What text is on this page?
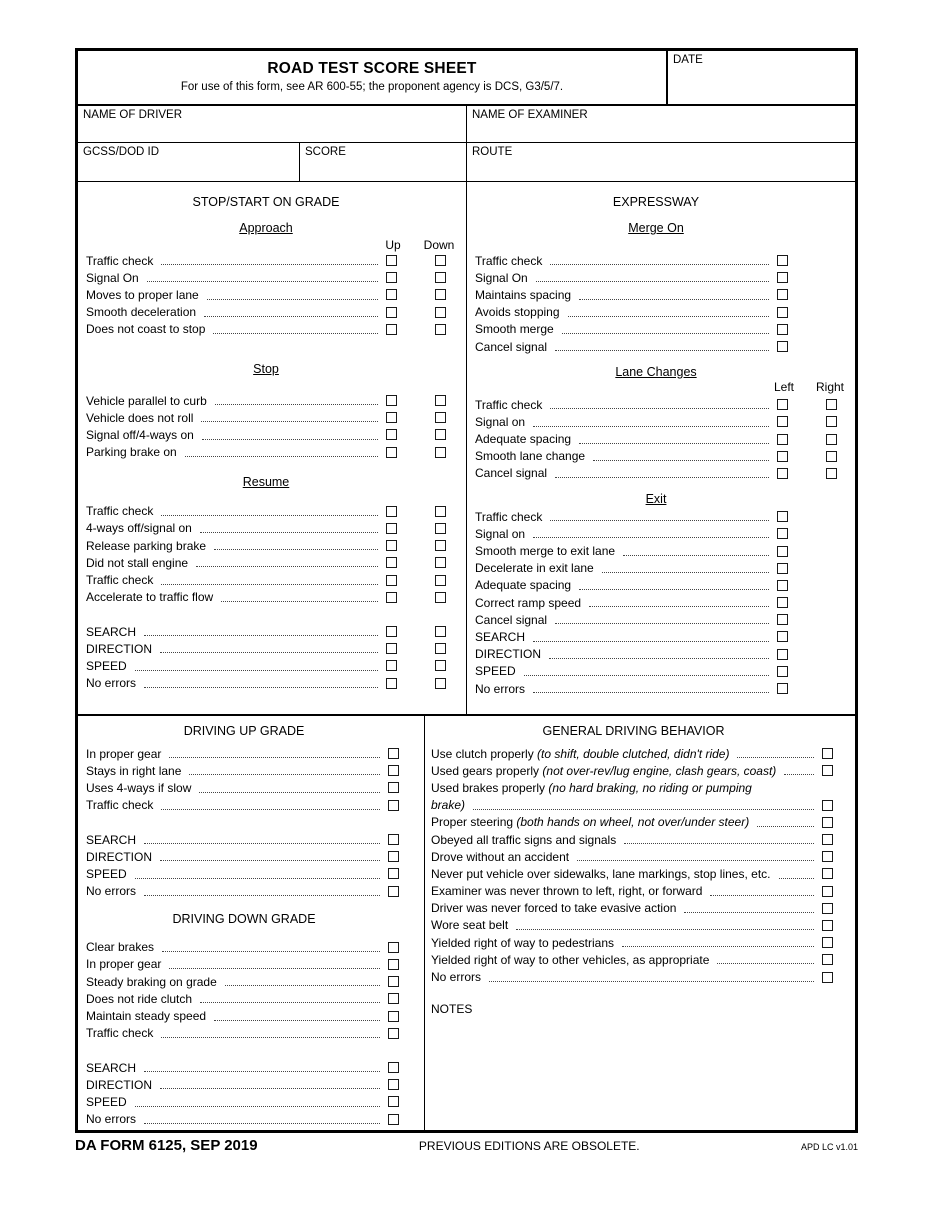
ROAD TEST SCORE SHEET
For use of this form, see AR 600-55; the proponent agency is DCS, G3/5/7.
DATE
NAME OF DRIVER	NAME OF EXAMINER
GCSS/DOD ID	SCORE	ROUTE
STOP/START ON GRADE
Approach
Up Down
Traffic check
Signal On
Moves to proper lane
Smooth deceleration
Does not coast to stop
Stop
Vehicle parallel to curb
Vehicle does not roll
Signal off/4-ways on
Parking brake on
Resume
Traffic check
4-ways off/signal on
Release parking brake
Did not stall engine
Traffic check
Accelerate to traffic flow
SEARCH
DIRECTION
SPEED
No errors
EXPRESSWAY
Merge On
Traffic check
Signal On
Maintains spacing
Avoids stopping
Smooth merge
Cancel signal
Lane Changes
Left Right
Traffic check
Signal on
Adequate spacing
Smooth lane change
Cancel signal
Exit
Traffic check
Signal on
Smooth merge to exit lane
Decelerate in exit lane
Adequate spacing
Correct ramp speed
Cancel signal
SEARCH
DIRECTION
SPEED
No errors
DRIVING UP GRADE
In proper gear
Stays in right lane
Uses 4-ways if slow
Traffic check
SEARCH
DIRECTION
SPEED
No errors
DRIVING DOWN GRADE
Clear brakes
In proper gear
Steady braking on grade
Does not ride clutch
Maintain steady speed
Traffic check
SEARCH
DIRECTION
SPEED
No errors
GENERAL DRIVING BEHAVIOR
Use clutch properly (to shift, double clutched, didn't ride)
Used gears properly (not over-rev/lug engine, clash gears, coast)
Used brakes properly (no hard braking, no riding or pumping
brake)
Proper steering (both hands on wheel, not over/under steer)
Obeyed all traffic signs and signals
Drove without an accident
Never put vehicle over sidewalks, lane markings, stop lines, etc.
Examiner was never thrown to left, right, or forward
Driver was never forced to take evasive action
Wore seat belt
Yielded right of way to pedestrians
Yielded right of way to other vehicles, as appropriate
No errors
NOTES
DA FORM 6125, SEP 2019	PREVIOUS EDITIONS ARE OBSOLETE.	APD LC v1.01
